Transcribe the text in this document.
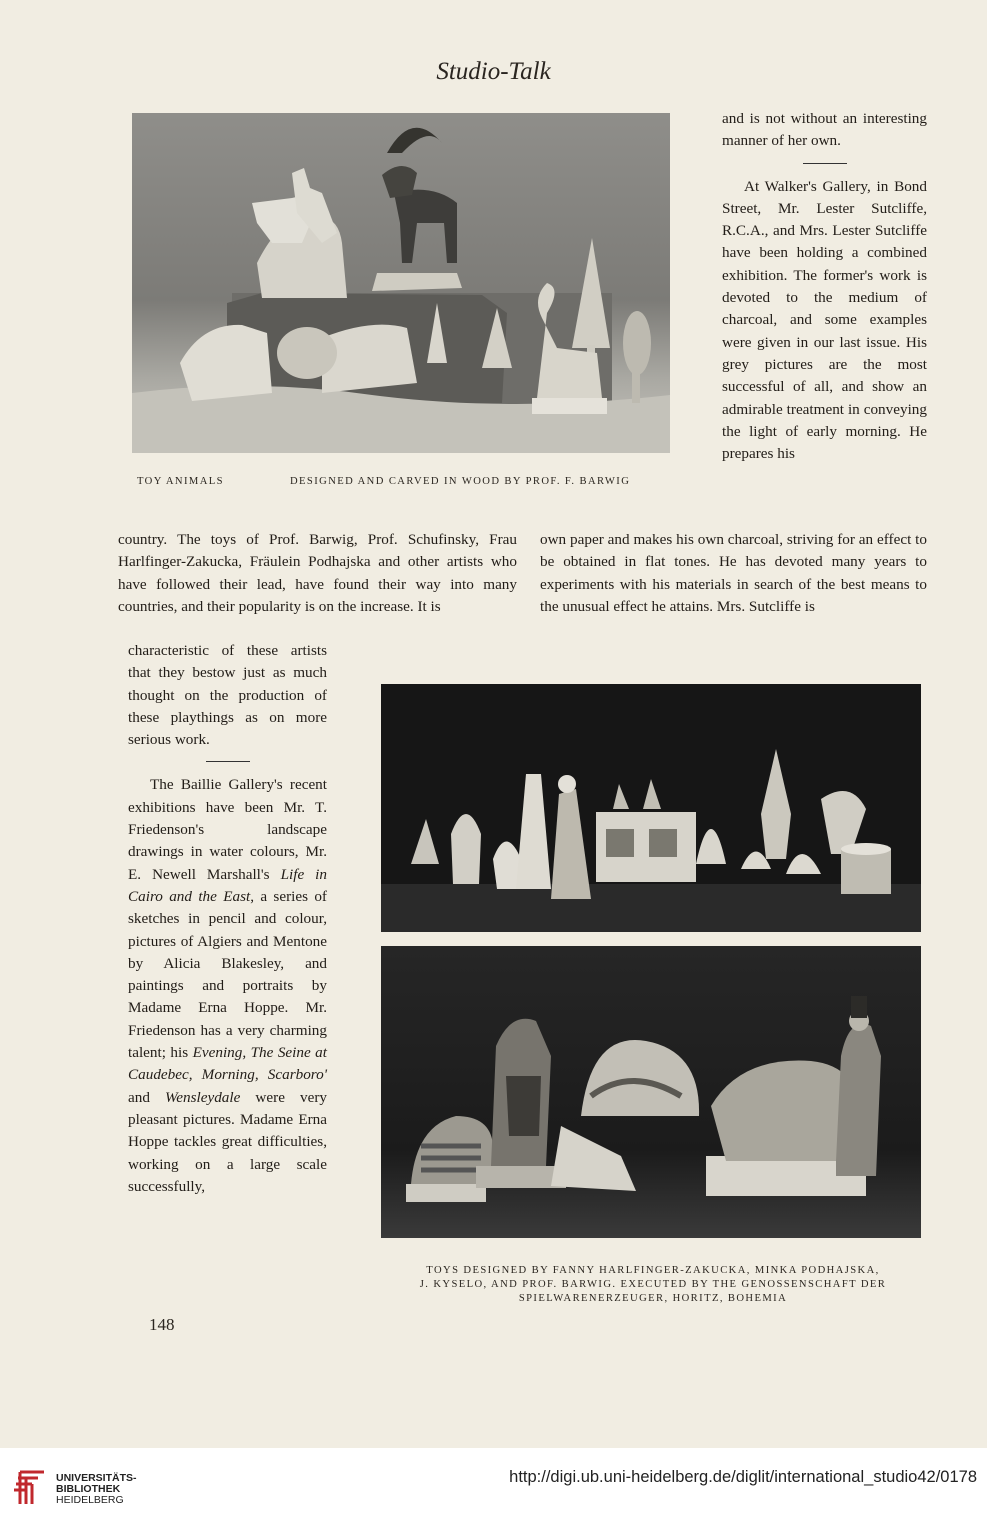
Studio-Talk
TOY ANIMALS	DESIGNED AND CARVED IN WOOD BY PROF. F. BARWIG

and is not without an interesting manner of her own.

At Walker's Gallery, in Bond Street, Mr. Lester Sutcliffe, R.C.A., and Mrs. Lester Sutcliffe have been holding a combined exhibition. The former's work is devoted to the medium of charcoal, and some examples were given in our last issue. His grey pictures are the most successful of all, and show an admirable treatment in conveying the light of early morning. He prepares his

country. The toys of Prof. Barwig, Prof. Schufinsky, Frau Harlfinger-Zakucka, Fräulein Podhajska and other artists who have followed their lead, have found their way into many countries, and their popularity is on the increase. It is

own paper and makes his own charcoal, striving for an effect to be obtained in flat tones. He has devoted many years to experiments with his materials in search of the best means to the unusual effect he attains. Mrs. Sutcliffe is

characteristic of these artists that they bestow just as much thought on the production of these playthings as on more serious work.

The Baillie Gallery's recent exhibitions have been Mr. T. Friedenson's landscape drawings in water colours, Mr. E. Newell Marshall's Life in Cairo and the East, a series of sketches in pencil and colour, pictures of Algiers and Mentone by Alicia Blakesley, and paintings and portraits by Madame Erna Hoppe. Mr. Friedenson has a very charming talent; his Evening, The Seine at Caudebec, Morning, Scarboro' and Wensleydale were very pleasant pictures. Madame Erna Hoppe tackles great difficulties, working on a large scale successfully,

TOYS DESIGNED BY FANNY HARLFINGER-ZAKUCKA, MINKA PODHAJSKA,
J. KYSELO, AND PROF. BARWIG. EXECUTED BY THE GENOSSENSCHAFT DER
SPIELWARENERZEUGER, HORITZ, BOHEMIA
148
UNIVERSITÄTS-
BIBLIOTHEK
HEIDELBERG
http://digi.ub.uni-heidelberg.de/diglit/international_studio42/0178
